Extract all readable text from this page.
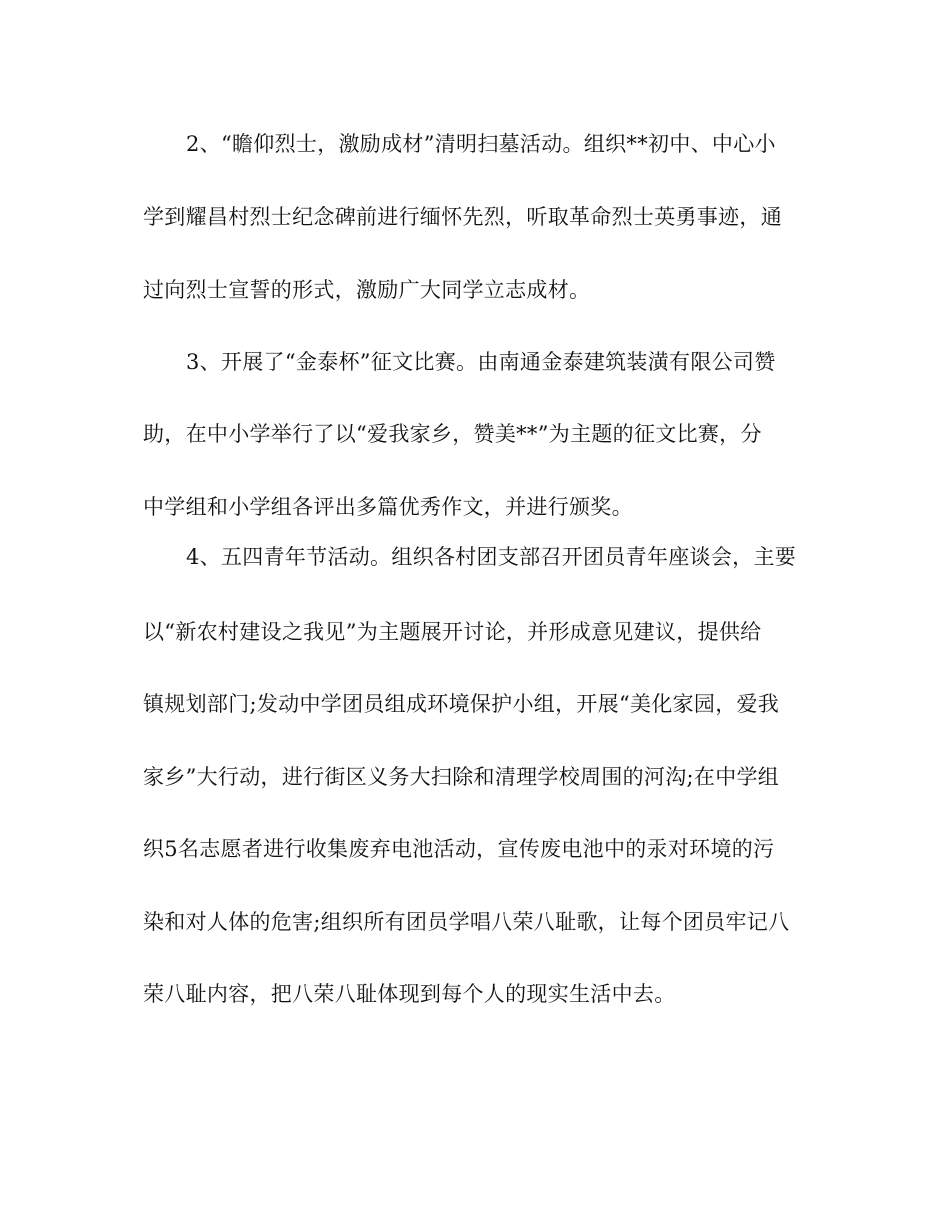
2、“瞻仰烈士，激励成材”清明扫墓活动。组织**初中、中心小
学到耀昌村烈士纪念碑前进行缅怀先烈，听取革命烈士英勇事迹，通
过向烈士宣誓的形式，激励广大同学立志成材。
3、开展了“金泰杯”征文比赛。由南通金泰建筑装潢有限公司赞
助，在中小学举行了以“爱我家乡，赞美**”为主题的征文比赛，分
中学组和小学组各评出多篇优秀作文，并进行颁奖。
4、五四青年节活动。组织各村团支部召开团员青年座谈会，主要
以“新农村建设之我见”为主题展开讨论，并形成意见建议，提供给
镇规划部门;发动中学团员组成环境保护小组，开展“美化家园，爱我
家乡”大行动，进行街区义务大扫除和清理学校周围的河沟;在中学组
织5名志愿者进行收集废弃电池活动，宣传废电池中的汞对环境的污
染和对人体的危害;组织所有团员学唱八荣八耻歌，让每个团员牢记八
荣八耻内容，把八荣八耻体现到每个人的现实生活中去。
